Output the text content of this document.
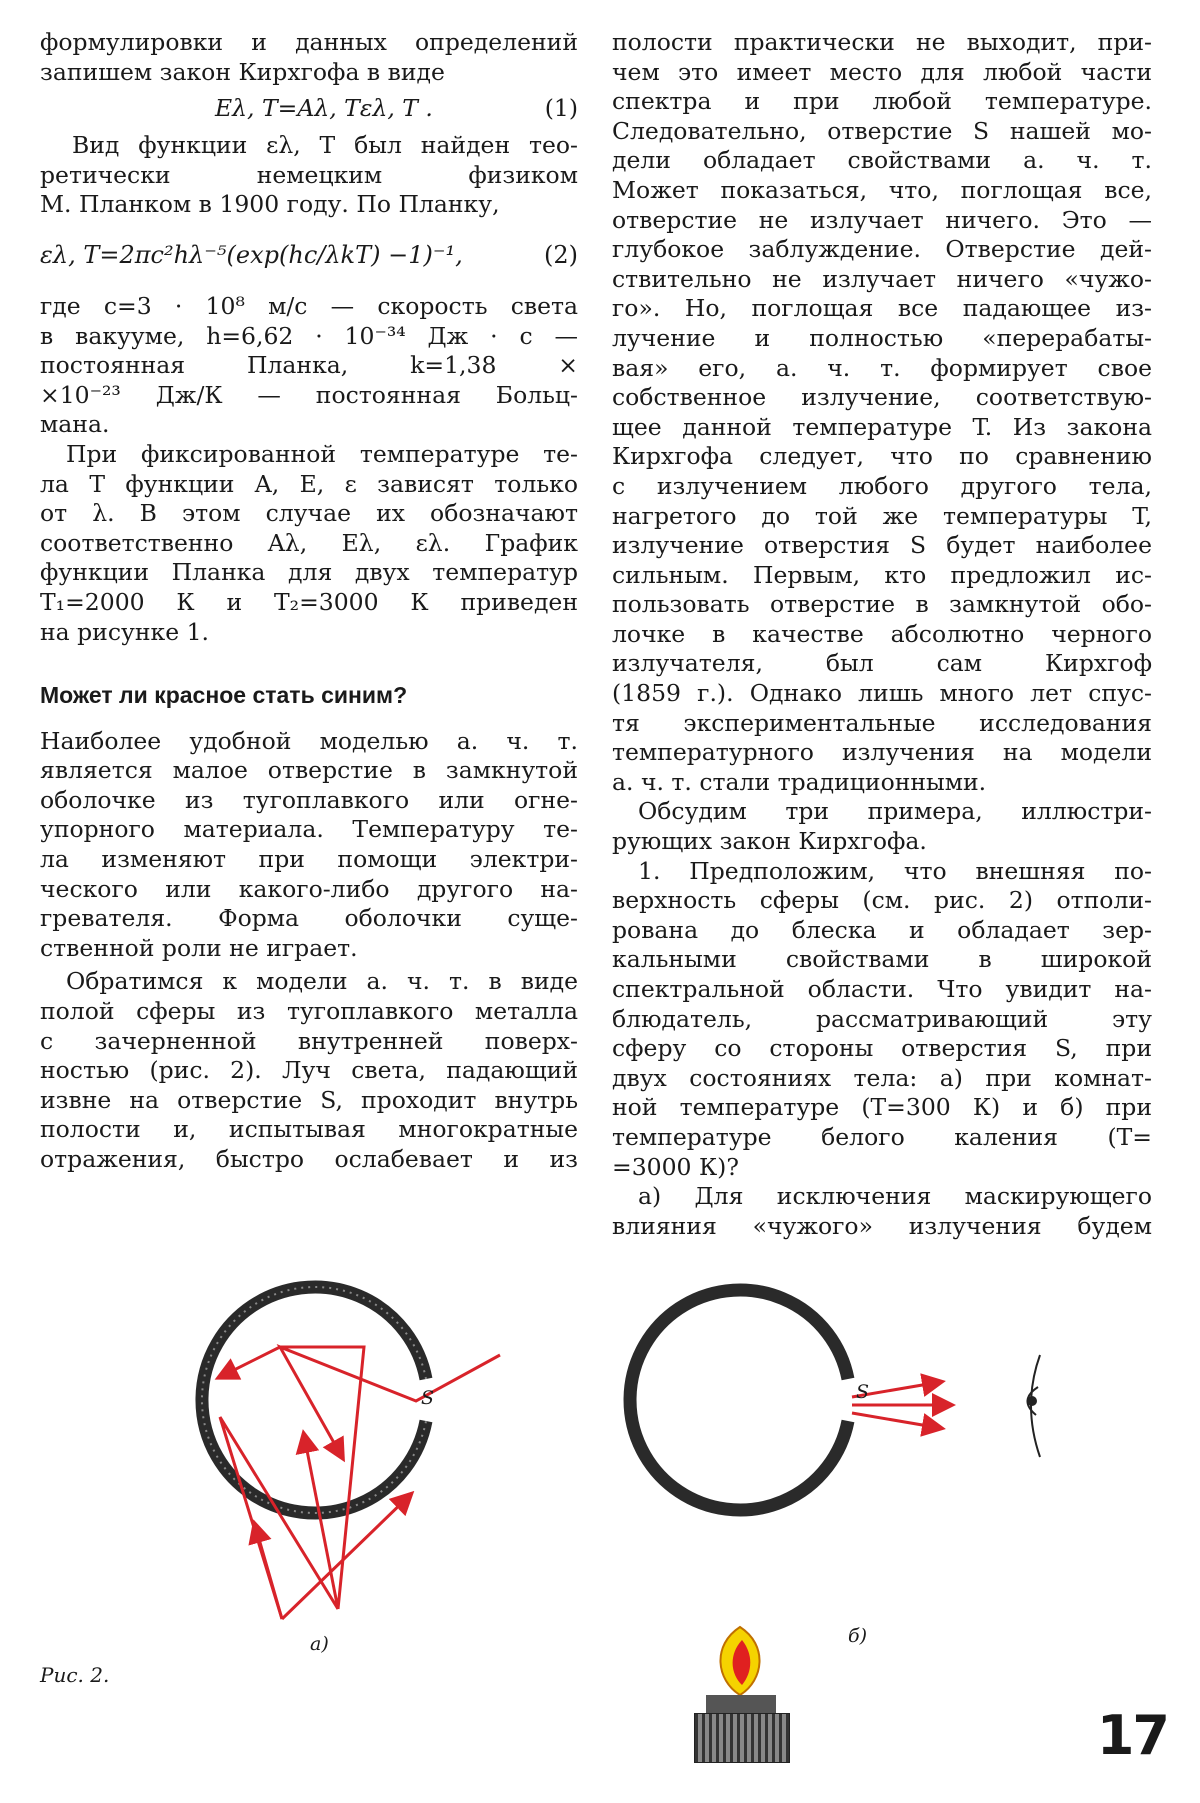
формулировки и данных определений
запишем закон Кирхгофа в виде
Eλ, T=Aλ, Tελ, T .	(1)
Вид функции ελ, T был найден тео-
ретически немецким физиком
М. Планком в 1900 году. По Планку,
ελ, T=2πc²hλ⁻⁵(exp(hc/λkT) −1)⁻¹,	(2)
где c=3 · 10⁸ м/с — скорость света
в вакууме, h=6,62 · 10⁻³⁴ Дж · с —
постоянная Планка, k=1,38 ×
×10⁻²³ Дж/К — постоянная Больц-
мана.
При фиксированной температуре те-
ла T функции A, E, ε зависят только
от λ. В этом случае их обозначают
соответственно Aλ, Eλ, ελ. График
функции Планка для двух температур
T₁=2000 К и T₂=3000 К приведен
на рисунке 1.
Может ли красное стать синим?
Наиболее удобной моделью а. ч. т.
является малое отверстие в замкнутой
оболочке из тугоплавкого или огне-
упорного материала. Температуру те-
ла изменяют при помощи электри-
ческого или какого-либо другого на-
гревателя. Форма оболочки суще-
ственной роли не играет.
Обратимся к модели а. ч. т. в виде
полой сферы из тугоплавкого металла
с зачерненной внутренней поверх-
ностью (рис. 2). Луч света, падающий
извне на отверстие S, проходит внутрь
полости и, испытывая многократные
отражения, быстро ослабевает и из
полости практически не выходит, при-
чем это имеет место для любой части
спектра и при любой температуре.
Следовательно, отверстие S нашей мо-
дели обладает свойствами а. ч. т.
Может показаться, что, поглощая все,
отверстие не излучает ничего. Это —
глубокое заблуждение. Отверстие дей-
ствительно не излучает ничего «чужо-
го». Но, поглощая все падающее из-
лучение и полностью «перерабаты-
вая» его, а. ч. т. формирует свое
собственное излучение, соответствую-
щее данной температуре T. Из закона
Кирхгофа следует, что по сравнению
с излучением любого другого тела,
нагретого до той же температуры T,
излучение отверстия S будет наиболее
сильным. Первым, кто предложил ис-
пользовать отверстие в замкнутой обо-
лочке в качестве абсолютно черного
излучателя, был сам Кирхгоф
(1859 г.). Однако лишь много лет спус-
тя экспериментальные исследования
температурного излучения на модели
а. ч. т. стали традиционными.
Обсудим три примера, иллюстри-
рующих закон Кирхгофа.
1. Предположим, что внешняя по-
верхность сферы (см. рис. 2) отполи-
рована до блеска и обладает зер-
кальными свойствами в широкой
спектральной области. Что увидит на-
блюдатель, рассматривающий эту
сферу со стороны отверстия S, при
двух состояниях тела: а) при комнат-
ной температуре (T=300 К) и б) при
температуре белого каления (T=
=3000 К)?
а) Для исключения маскирующего
влияния «чужого» излучения будем
S	S
а)	б)
Рис. 2.
17
